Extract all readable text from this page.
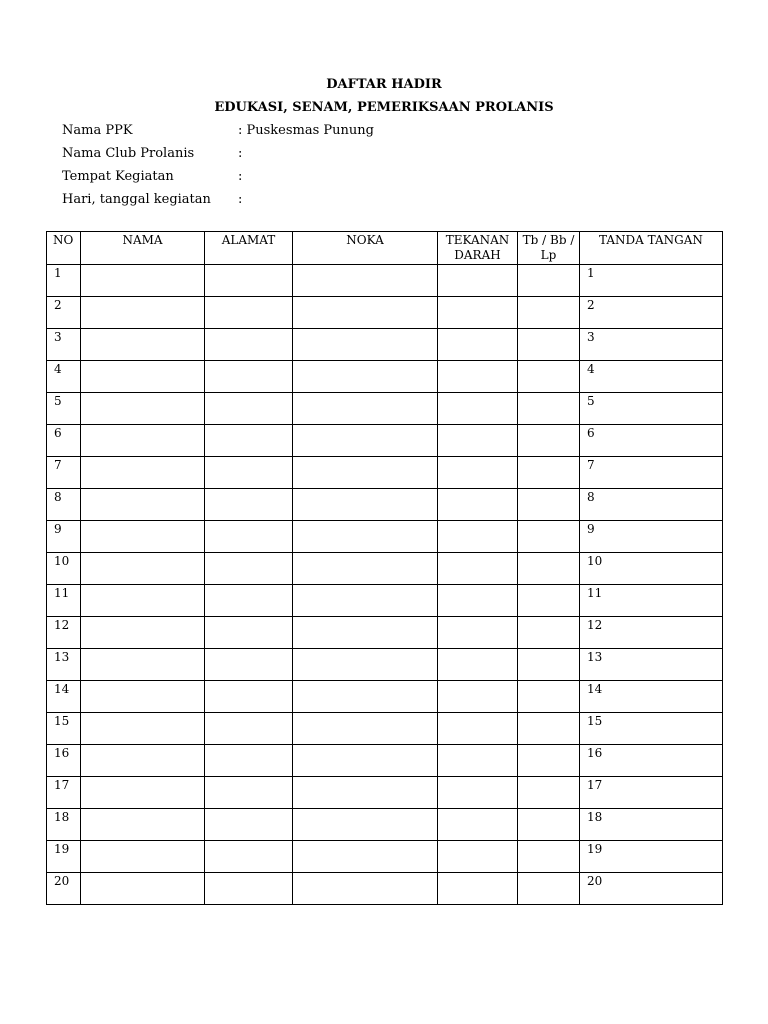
DAFTAR HADIR
EDUKASI, SENAM, PEMERIKSAAN PROLANIS
Nama PPK	: Puskesmas Punung
Nama Club Prolanis	:
Tempat Kegiatan	:
Hari, tanggal kegiatan :
NO	NAMA	ALAMAT	NOKA	TEKANAN DARAH	Tb / Bb / Lp	TANDA TANGAN
1						1
2						2
3						3
4						4
5						5
6						6
7						7
8						8
9						9
10						10
11						11
12						12
13						13
14						14
15						15
16						16
17						17
18						18
19						19
20						20
